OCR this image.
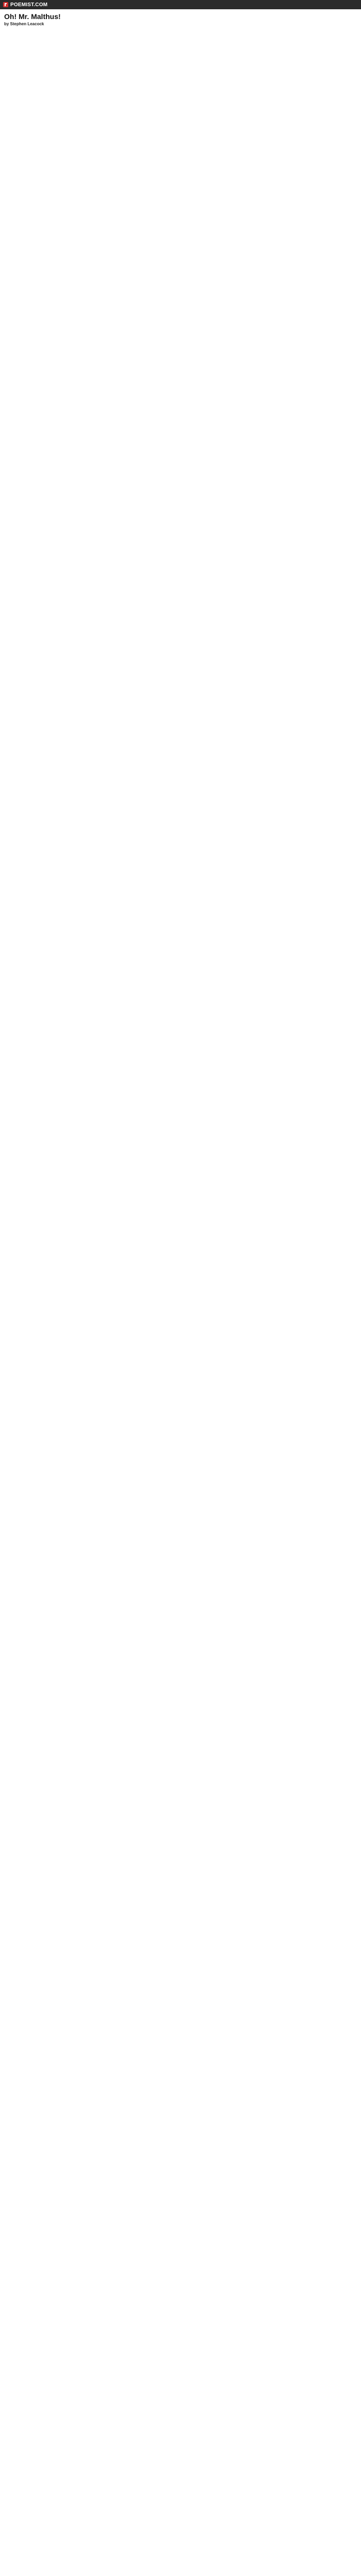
POEMIST.COM
Oh! Mr. Malthus!
by Stephen Leacock
